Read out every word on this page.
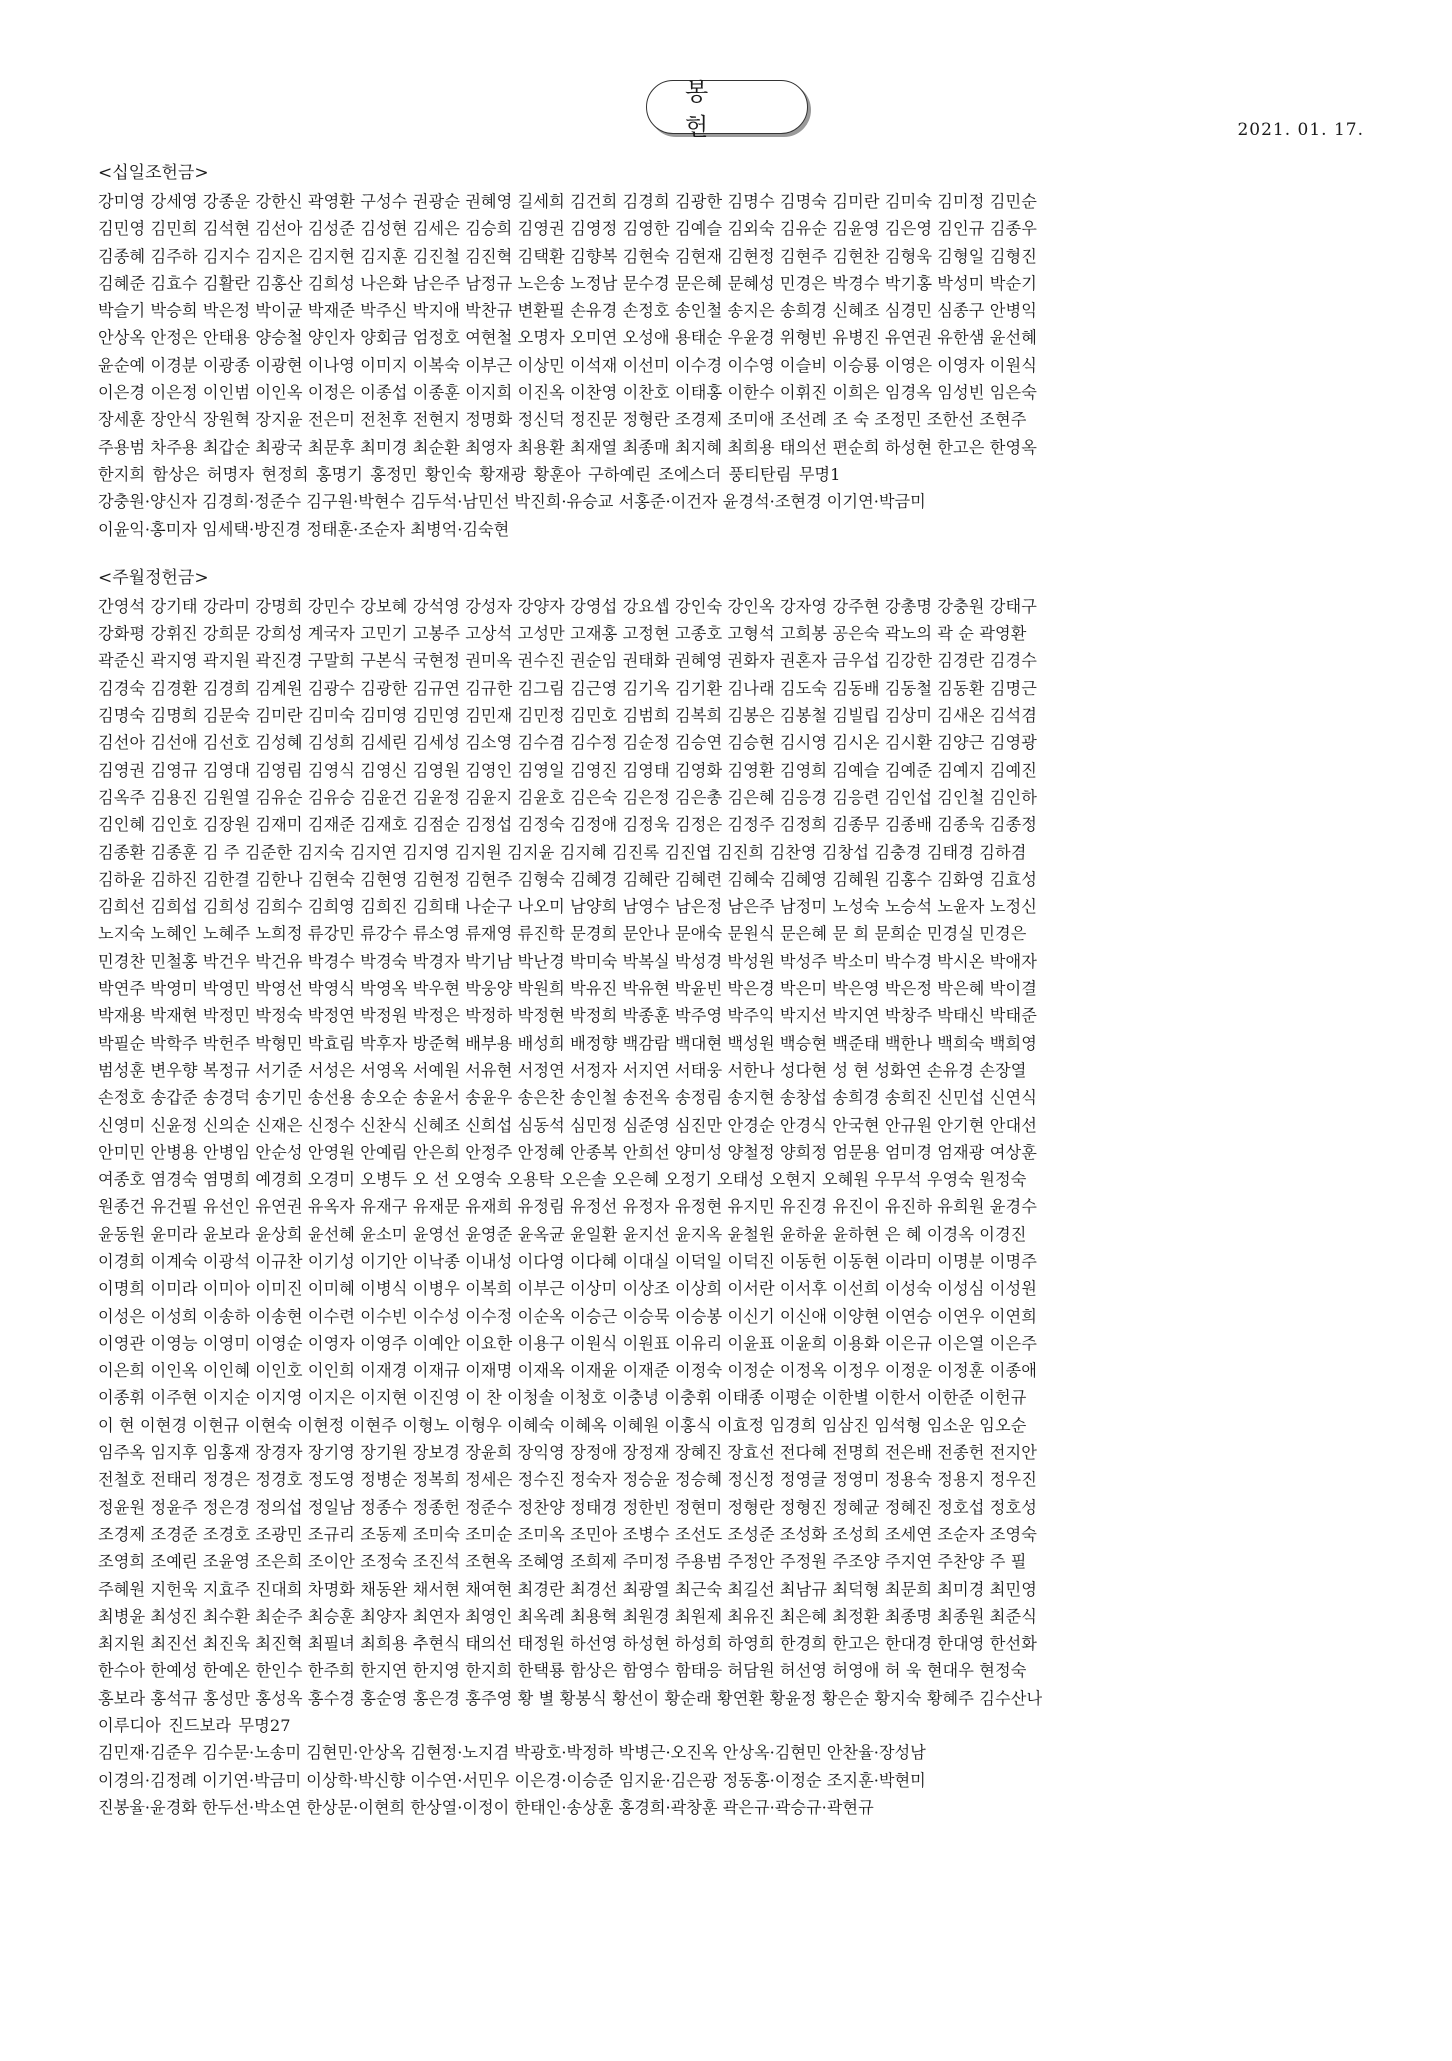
봉 헌	2021. 01. 17.
<십일조헌금>
강미영 강세영 강종운 강한신 곽영환 구성수 권광순 권혜영 길세희 김건희 김경희 김광한 김명수 김명숙 김미란 김미숙 김미정 김민순
김민영 김민희 김석현 김선아 김성준 김성현 김세은 김승희 김영권 김영정 김영한 김예슬 김외숙 김유순 김윤영 김은영 김인규 김종우
김종혜 김주하 김지수 김지은 김지현 김지훈 김진철 김진혁 김택환 김향복 김현숙 김현재 김현정 김현주 김현찬 김형욱 김형일 김형진
김혜준 김효수 김활란 김홍산 김희성 나은화 남은주 남정규 노은송 노정남 문수경 문은혜 문혜성 민경은 박경수 박기홍 박성미 박순기
박슬기 박승희 박은정 박이균 박재준 박주신 박지애 박찬규 변환필 손유경 손정호 송인철 송지은 송희경 신혜조 심경민 심종구 안병익
안상옥 안정은 안태용 양승철 양인자 양회금 엄정호 여현철 오명자 오미연 오성애 용태순 우윤경 위형빈 유병진 유연권 유한샘 윤선혜
윤순예 이경분 이광종 이광현 이나영 이미지 이복숙 이부근 이상민 이석재 이선미 이수경 이수영 이슬비 이승룡 이영은 이영자 이원식
이은경 이은정 이인범 이인옥 이정은 이종섭 이종훈 이지희 이진옥 이찬영 이찬호 이태홍 이한수 이휘진 이희은 임경옥 임성빈 임은숙
장세훈 장안식 장원혁 장지윤 전은미 전천후 전현지 정명화 정신덕 정진문 정형란 조경제 조미애 조선례 조 숙 조정민 조한선 조현주
주용범 차주용 최갑순 최광국 최문후 최미경 최순환 최영자 최용환 최재열 최종매 최지혜 최희용 태의선 편순희 하성현 한고은 한영옥
한지희 함상은 허명자 현정희 홍명기 홍정민 황인숙 황재광 황훈아 구하예린 조에스더 풍티탄림 무명1
강충원·양신자 김경희·정준수 김구원·박현수 김두석·남민선 박진희·유승교 서홍준·이건자 윤경석·조현경 이기연·박금미
이윤익·홍미자 임세택·방진경 정태훈·조순자 최병억·김숙현
<주월정헌금>
간영석 강기태 강라미 강명희 강민수 강보혜 강석영 강성자 강양자 강영섭 강요셉 강인숙 강인옥 강자영 강주현 강총명 강충원 강태구
강화평 강휘진 강희문 강희성 계국자 고민기 고봉주 고상석 고성만 고재홍 고정현 고종호 고형석 고희봉 공은숙 곽노의 곽 순 곽영환
곽준신 곽지영 곽지원 곽진경 구말희 구본식 국현정 권미옥 권수진 권순임 권태화 권혜영 권화자 권혼자 금우섭 김강한 김경란 김경수
김경숙 김경환 김경희 김계원 김광수 김광한 김규연 김규한 김그림 김근영 김기옥 김기환 김나래 김도숙 김동배 김동철 김동환 김명근
김명숙 김명희 김문숙 김미란 김미숙 김미영 김민영 김민재 김민정 김민호 김범희 김복희 김봉은 김봉철 김빌립 김상미 김새온 김석겸
김선아 김선애 김선호 김성혜 김성희 김세린 김세성 김소영 김수겸 김수정 김순정 김승연 김승현 김시영 김시온 김시환 김양근 김영광
김영권 김영규 김영대 김영림 김영식 김영신 김영원 김영인 김영일 김영진 김영태 김영화 김영환 김영희 김예슬 김예준 김예지 김예진
김옥주 김용진 김원열 김유순 김유승 김윤건 김윤정 김윤지 김윤호 김은숙 김은정 김은총 김은혜 김응경 김응련 김인섭 김인철 김인하
김인혜 김인호 김장원 김재미 김재준 김재호 김점순 김정섭 김정숙 김정애 김정욱 김정은 김정주 김정희 김종무 김종배 김종욱 김종정
김종환 김종훈 김 주 김준한 김지숙 김지연 김지영 김지원 김지윤 김지혜 김진록 김진엽 김진희 김찬영 김창섭 김충경 김태경 김하겸
김하윤 김하진 김한결 김한나 김현숙 김현영 김현정 김현주 김형숙 김혜경 김혜란 김혜련 김혜숙 김혜영 김혜원 김홍수 김화영 김효성
김희선 김희섭 김희성 김희수 김희영 김희진 김희태 나순구 나오미 남양희 남영수 남은정 남은주 남정미 노성숙 노승석 노윤자 노정신
노지숙 노혜인 노혜주 노희정 류강민 류강수 류소영 류재영 류진학 문경희 문안나 문애숙 문원식 문은혜 문 희 문희순 민경실 민경은
민경찬 민철홍 박건우 박건유 박경수 박경숙 박경자 박기남 박난경 박미숙 박복실 박성경 박성원 박성주 박소미 박수경 박시온 박애자
박연주 박영미 박영민 박영선 박영식 박영옥 박우현 박웅양 박원희 박유진 박유현 박윤빈 박은경 박은미 박은영 박은정 박은혜 박이결
박재용 박재현 박정민 박정숙 박정연 박정원 박정은 박정하 박정현 박정희 박종훈 박주영 박주익 박지선 박지연 박창주 박태신 박태준
박필순 박학주 박헌주 박형민 박효림 박후자 방준혁 배부용 배성희 배정향 백감람 백대현 백성원 백승현 백준태 백한나 백희숙 백희영
범성훈 변우향 복정규 서기준 서성은 서영옥 서예원 서유현 서정연 서정자 서지연 서태웅 서한나 성다현 성 현 성화연 손유경 손장열
손정호 송갑준 송경덕 송기민 송선용 송오순 송윤서 송윤우 송은찬 송인철 송전옥 송정림 송지현 송창섭 송희경 송희진 신민섭 신연식
신영미 신윤정 신의순 신재은 신정수 신찬식 신혜조 신희섭 심동석 심민정 심준영 심진만 안경순 안경식 안국현 안규원 안기현 안대선
안미민 안병용 안병임 안순성 안영원 안예림 안은희 안정주 안정혜 안종복 안희선 양미성 양철정 양희정 엄문용 엄미경 엄재광 여상훈
여종호 염경숙 염명희 예경희 오경미 오병두 오 선 오영숙 오용탁 오은솔 오은혜 오정기 오태성 오현지 오혜원 우무석 우영숙 원정숙
원종건 유건필 유선인 유연권 유옥자 유재구 유재문 유재희 유정림 유정선 유정자 유정현 유지민 유진경 유진이 유진하 유희원 윤경수
윤동원 윤미라 윤보라 윤상희 윤선혜 윤소미 윤영선 윤영준 윤옥균 윤일환 윤지선 윤지옥 윤철원 윤하윤 윤하현 은 혜 이경옥 이경진
이경희 이계숙 이광석 이규찬 이기성 이기안 이낙종 이내성 이다영 이다혜 이대실 이덕일 이덕진 이동헌 이동현 이라미 이명분 이명주
이명희 이미라 이미아 이미진 이미혜 이병식 이병우 이복희 이부근 이상미 이상조 이상희 이서란 이서후 이선희 이성숙 이성심 이성원
이성은 이성희 이송하 이송현 이수련 이수빈 이수성 이수정 이순옥 이승근 이승묵 이승봉 이신기 이신애 이양현 이연승 이연우 이연희
이영관 이영능 이영미 이영순 이영자 이영주 이예안 이요한 이용구 이원식 이원표 이유리 이윤표 이윤희 이용화 이은규 이은열 이은주
이은희 이인옥 이인혜 이인호 이인희 이재경 이재규 이재명 이재옥 이재윤 이재준 이정숙 이정순 이정옥 이정우 이정운 이정훈 이종애
이종휘 이주현 이지순 이지영 이지은 이지현 이진영 이 찬 이청솔 이청호 이충녕 이충휘 이태종 이평순 이한별 이한서 이한준 이헌규
이 현 이현경 이현규 이현숙 이현정 이현주 이형노 이형우 이혜숙 이혜옥 이혜원 이홍식 이효정 임경희 임삼진 임석형 임소운 임오순
임주옥 임지후 임홍재 장경자 장기영 장기원 장보경 장윤희 장익영 장정애 장정재 장혜진 장효선 전다혜 전명희 전은배 전종헌 전지안
전철호 전태리 정경은 정경호 정도영 정병순 정복희 정세은 정수진 정숙자 정승윤 정승혜 정신정 정영글 정영미 정용숙 정용지 정우진
정윤원 정윤주 정은경 정의섭 정일남 정종수 정종헌 정준수 정찬양 정태경 정한빈 정현미 정형란 정형진 정혜균 정혜진 정호섭 정호성
조경제 조경준 조경호 조광민 조규리 조동제 조미숙 조미순 조미옥 조민아 조병수 조선도 조성준 조성화 조성희 조세연 조순자 조영숙
조영희 조예린 조윤영 조은희 조이안 조정숙 조진석 조현옥 조혜영 조희제 주미정 주용범 주정안 주정원 주조양 주지연 주찬양 주 필
주혜원 지헌욱 지효주 진대희 차명화 채동완 채서현 채여현 최경란 최경선 최광열 최근숙 최길선 최남규 최덕형 최문희 최미경 최민영
최병윤 최성진 최수환 최순주 최승훈 최양자 최연자 최영인 최옥례 최용혁 최원경 최원제 최유진 최은혜 최정환 최종명 최종원 최준식
최지원 최진선 최진욱 최진혁 최필녀 최희용 추현식 태의선 태정원 하선영 하성현 하성희 하영희 한경희 한고은 한대경 한대영 한선화
한수아 한예성 한예온 한인수 한주희 한지연 한지영 한지희 한택룡 함상은 함영수 함태응 허담원 허선영 허영애 허 욱 현대우 현정숙
홍보라 홍석규 홍성만 홍성옥 홍수경 홍순영 홍은경 홍주영 황 별 황봉식 황선이 황순래 황연환 황윤정 황은순 황지숙 황혜주 김수산나
이루디아 진드보라 무명27
김민재·김준우 김수문·노송미 김현민·안상옥 김현정·노지겸 박광호·박정하 박병근·오진옥 안상옥·김현민 안찬율·장성남
이경의·김정례 이기연·박금미 이상학·박신향 이수연·서민우 이은경·이승준 임지윤·김은광 정동홍·이정순 조지훈·박현미
진봉율·윤경화 한두선·박소연 한상문·이현희 한상열·이정이 한태인·송상훈 홍경희·곽창훈 곽은규·곽승규·곽현규
